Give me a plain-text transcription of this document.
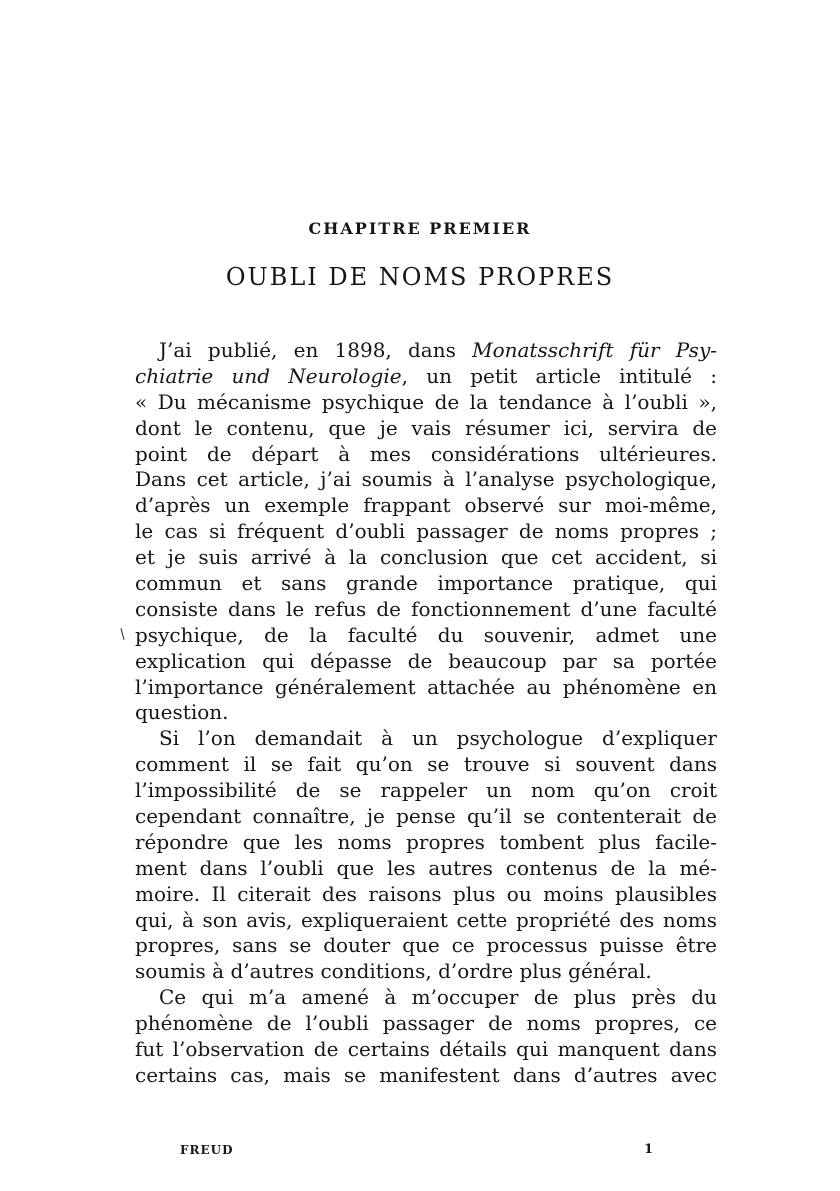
CHAPITRE PREMIER
OUBLI DE NOMS PROPRES
J’ai publié, en 1898, dans Monatsschrift für Psy-
chiatrie und Neurologie, un petit article intitulé :
« Du mécanisme psychique de la tendance à l’oubli »,
dont le contenu, que je vais résumer ici, servira de
point de départ à mes considérations ultérieures.
Dans cet article, j’ai soumis à l’analyse psychologique,
d’après un exemple frappant observé sur moi-même,
le cas si fréquent d’oubli passager de noms propres ;
et je suis arrivé à la conclusion que cet accident, si
commun et sans grande importance pratique, qui
consiste dans le refus de fonctionnement d’une faculté
psychique, de la faculté du souvenir, admet une
explication qui dépasse de beaucoup par sa portée
l’importance généralement attachée au phénomène en
question.
Si l’on demandait à un psychologue d’expliquer
comment il se fait qu’on se trouve si souvent dans
l’impossibilité de se rappeler un nom qu’on croit
cependant connaître, je pense qu’il se contenterait de
répondre que les noms propres tombent plus facile-
ment dans l’oubli que les autres contenus de la mé-
moire. Il citerait des raisons plus ou moins plausibles
qui, à son avis, expliqueraient cette propriété des noms
propres, sans se douter que ce processus puisse être
soumis à d’autres conditions, d’ordre plus général.
Ce qui m’a amené à m’occuper de plus près du
phénomène de l’oubli passager de noms propres, ce
fut l’observation de certains détails qui manquent dans
certains cas, mais se manifestent dans d’autres avec
FREUD	1
